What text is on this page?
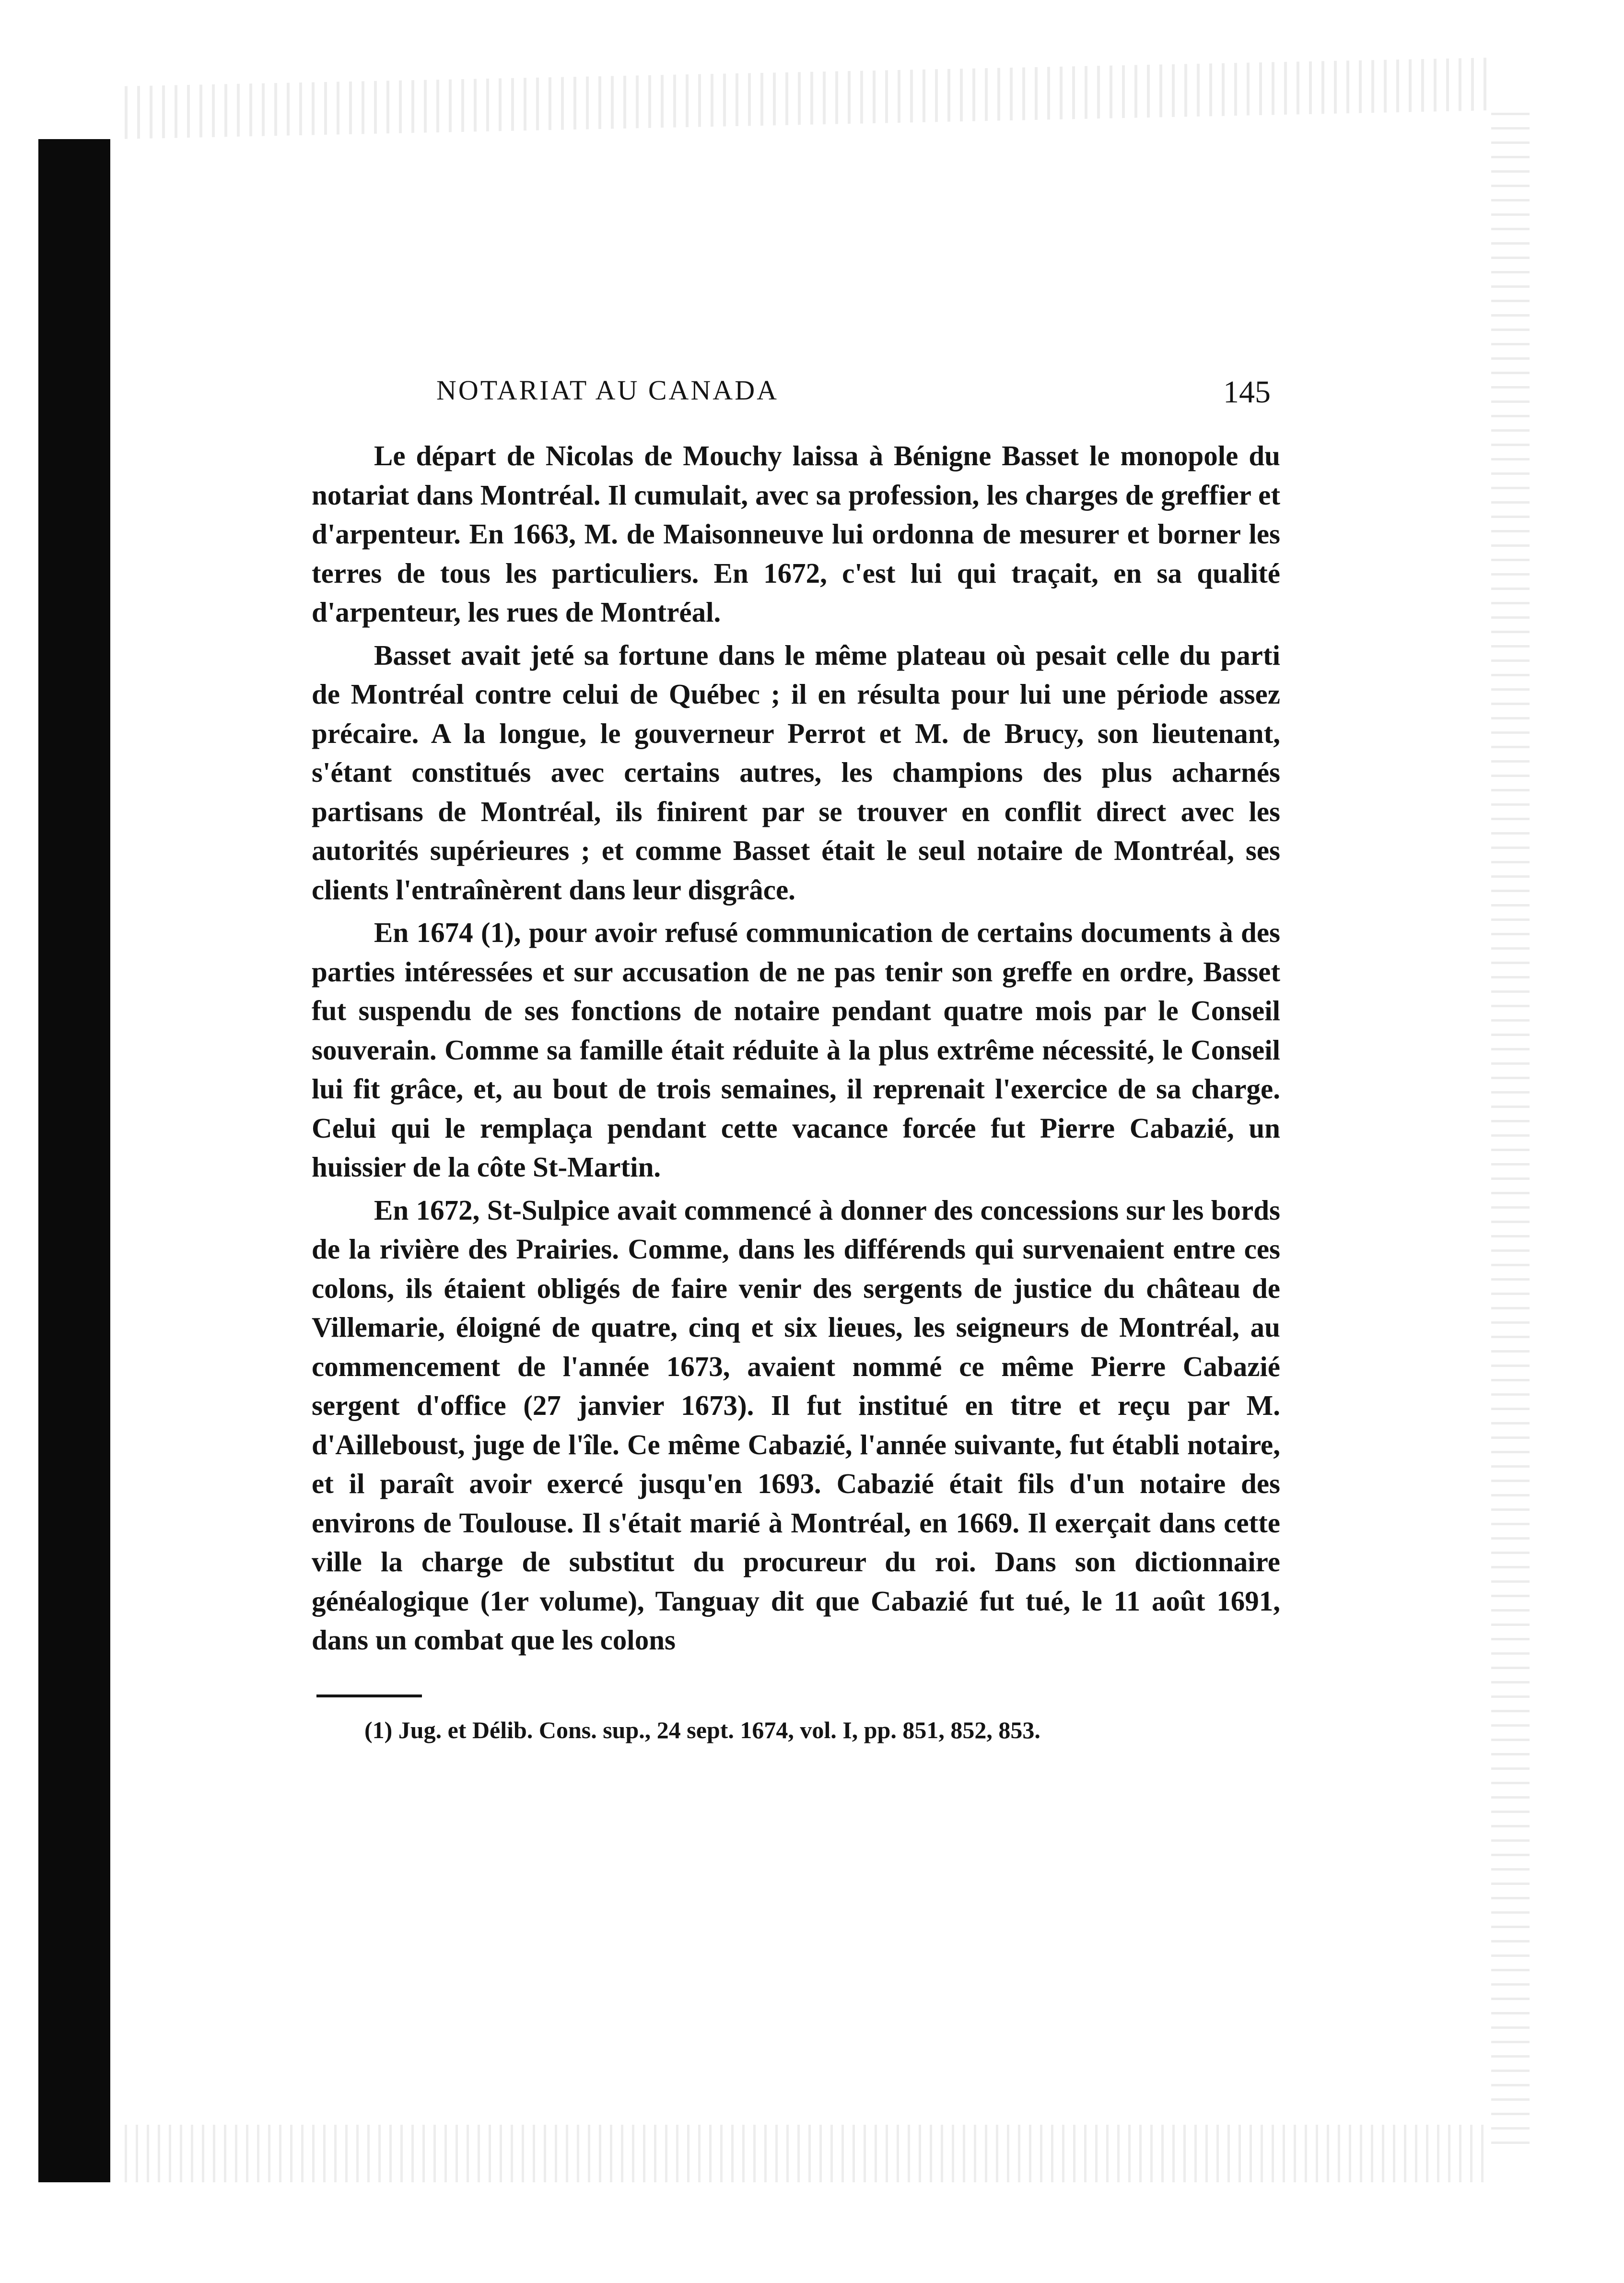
NOTARIAT AU CANADA	145

Le départ de Nicolas de Mouchy laissa à Bénigne Basset le monopole du notariat dans Montréal. Il cumulait, avec sa profession, les charges de greffier et d'arpenteur. En 1663, M. de Maisonneuve lui ordonna de mesurer et borner les terres de tous les particuliers. En 1672, c'est lui qui traçait, en sa qualité d'arpenteur, les rues de Montréal.

Basset avait jeté sa fortune dans le même plateau où pesait celle du parti de Montréal contre celui de Québec ; il en résulta pour lui une période assez précaire. A la longue, le gouverneur Perrot et M. de Brucy, son lieutenant, s'étant constitués avec certains autres, les champions des plus acharnés partisans de Montréal, ils finirent par se trouver en conflit direct avec les autorités supérieures ; et comme Basset était le seul notaire de Montréal, ses clients l'entraînèrent dans leur disgrâce.

En 1674 (1), pour avoir refusé communication de certains documents à des parties intéressées et sur accusation de ne pas tenir son greffe en ordre, Basset fut suspendu de ses fonctions de notaire pendant quatre mois par le Conseil souverain. Comme sa famille était réduite à la plus extrême nécessité, le Conseil lui fit grâce, et, au bout de trois semaines, il reprenait l'exercice de sa charge. Celui qui le remplaça pendant cette vacance forcée fut Pierre Cabazié, un huissier de la côte St-Martin.

En 1672, St-Sulpice avait commencé à donner des concessions sur les bords de la rivière des Prairies. Comme, dans les différends qui survenaient entre ces colons, ils étaient obligés de faire venir des sergents de justice du château de Villemarie, éloigné de quatre, cinq et six lieues, les seigneurs de Montréal, au commencement de l'année 1673, avaient nommé ce même Pierre Cabazié sergent d'office (27 janvier 1673). Il fut institué en titre et reçu par M. d'Ailleboust, juge de l'île. Ce même Cabazié, l'année suivante, fut établi notaire, et il paraît avoir exercé jusqu'en 1693. Cabazié était fils d'un notaire des environs de Toulouse. Il s'était marié à Montréal, en 1669. Il exerçait dans cette ville la charge de substitut du procureur du roi. Dans son dictionnaire généalogique (1er volume), Tanguay dit que Cabazié fut tué, le 11 août 1691, dans un combat que les colons

(1) Jug. et Délib. Cons. sup., 24 sept. 1674, vol. I, pp. 851, 852, 853.
